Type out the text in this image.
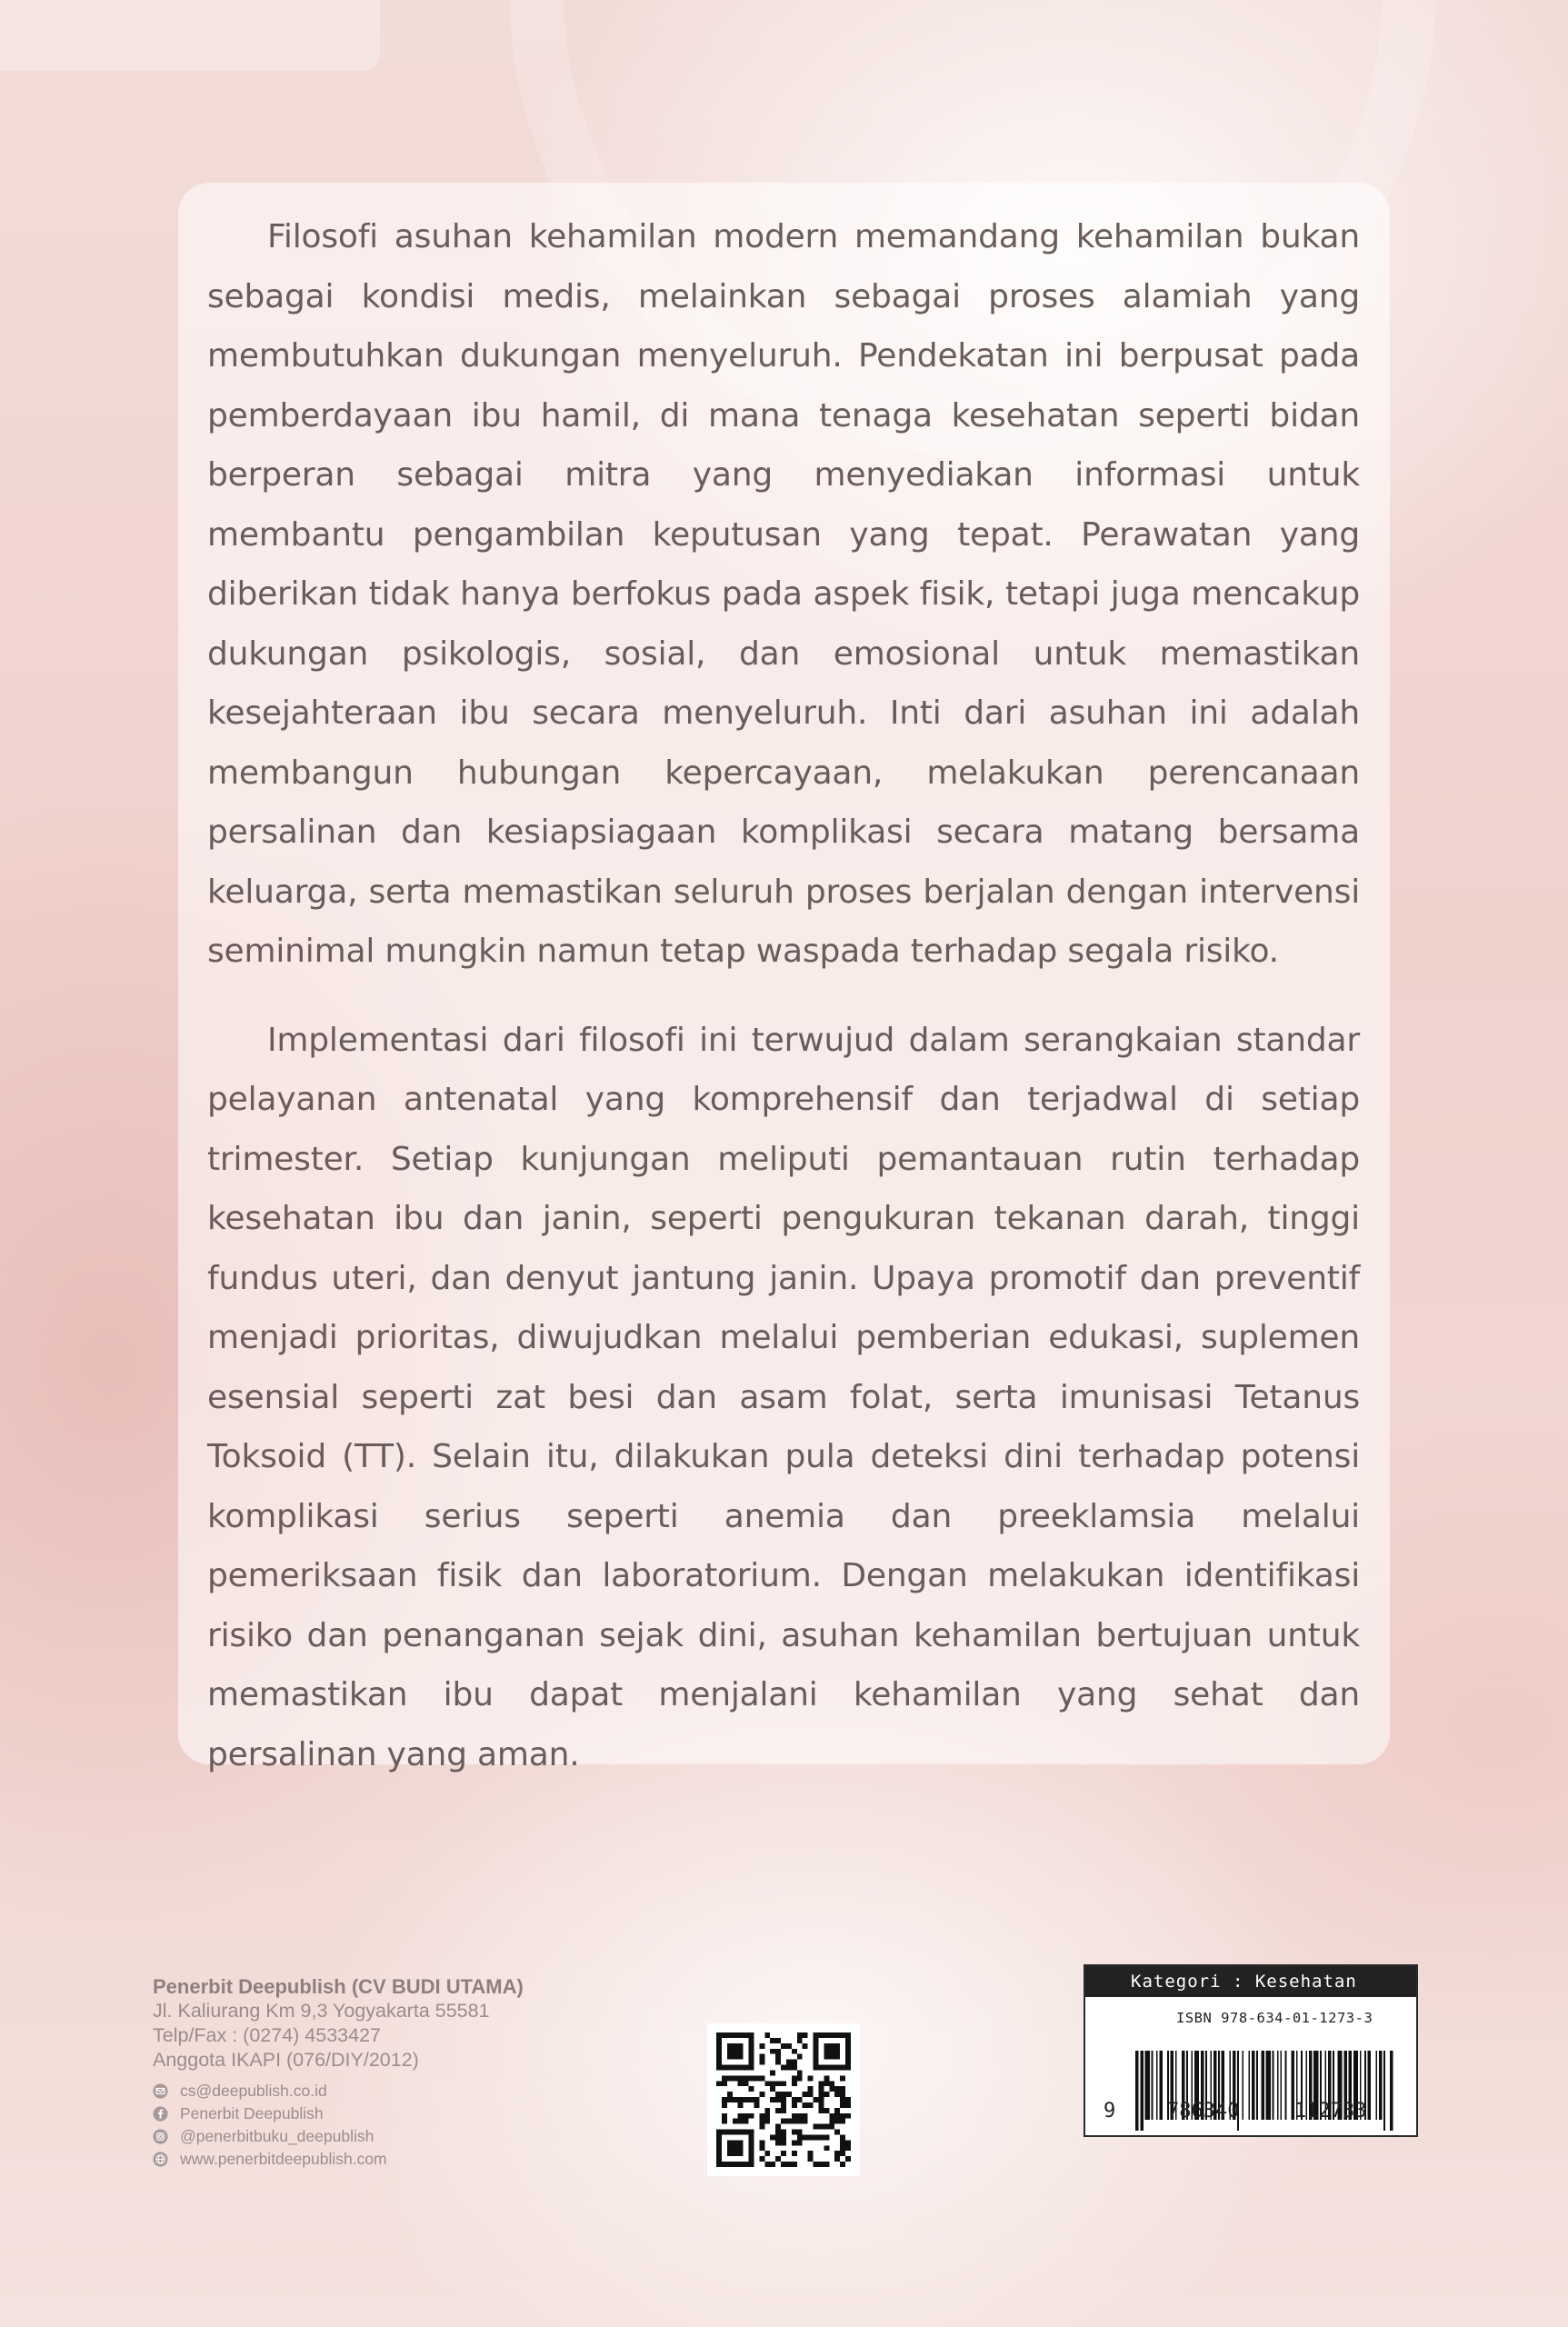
Filosofi asuhan kehamilan modern memandang kehamilan bukan sebagai kondisi medis, melainkan sebagai proses alamiah yang membutuhkan dukungan menyeluruh. Pendekatan ini berpusat pada pemberdayaan ibu hamil, di mana tenaga kesehatan seperti bidan berperan sebagai mitra yang menyediakan informasi untuk membantu pengambilan keputusan yang tepat. Perawatan yang diberikan tidak hanya berfokus pada aspek fisik, tetapi juga mencakup dukungan psikologis, sosial, dan emosional untuk memastikan kesejahteraan ibu secara menyeluruh. Inti dari asuhan ini adalah membangun hubungan kepercayaan, melakukan perencanaan persalinan dan kesiapsiagaan komplikasi secara matang bersama keluarga, serta memastikan seluruh proses berjalan dengan intervensi seminimal mungkin namun tetap waspada terhadap segala risiko.

Implementasi dari filosofi ini terwujud dalam serangkaian standar pelayanan antenatal yang komprehensif dan terjadwal di setiap trimester. Setiap kunjungan meliputi pemantauan rutin terhadap kesehatan ibu dan janin, seperti pengukuran tekanan darah, tinggi fundus uteri, dan denyut jantung janin. Upaya promotif dan preventif menjadi prioritas, diwujudkan melalui pemberian edukasi, suplemen esensial seperti zat besi dan asam folat, serta imunisasi Tetanus Toksoid (TT). Selain itu, dilakukan pula deteksi dini terhadap potensi komplikasi serius seperti anemia dan preeklamsia melalui pemeriksaan fisik dan laboratorium. Dengan melakukan identifikasi risiko dan penanganan sejak dini, asuhan kehamilan bertujuan untuk memastikan ibu dapat menjalani kehamilan yang sehat dan persalinan yang aman.

Penerbit Deepublish (CV BUDI UTAMA)
Jl. Kaliurang Km 9,3 Yogyakarta 55581
Telp/Fax : (0274) 4533427
Anggota IKAPI (076/DIY/2012)
cs@deepublish.co.id
Penerbit Deepublish
@penerbitbuku_deepublish
www.penerbitdeepublish.com
Kategori : Kesehatan
ISBN 978-634-01-1273-3
9	786340	112733
